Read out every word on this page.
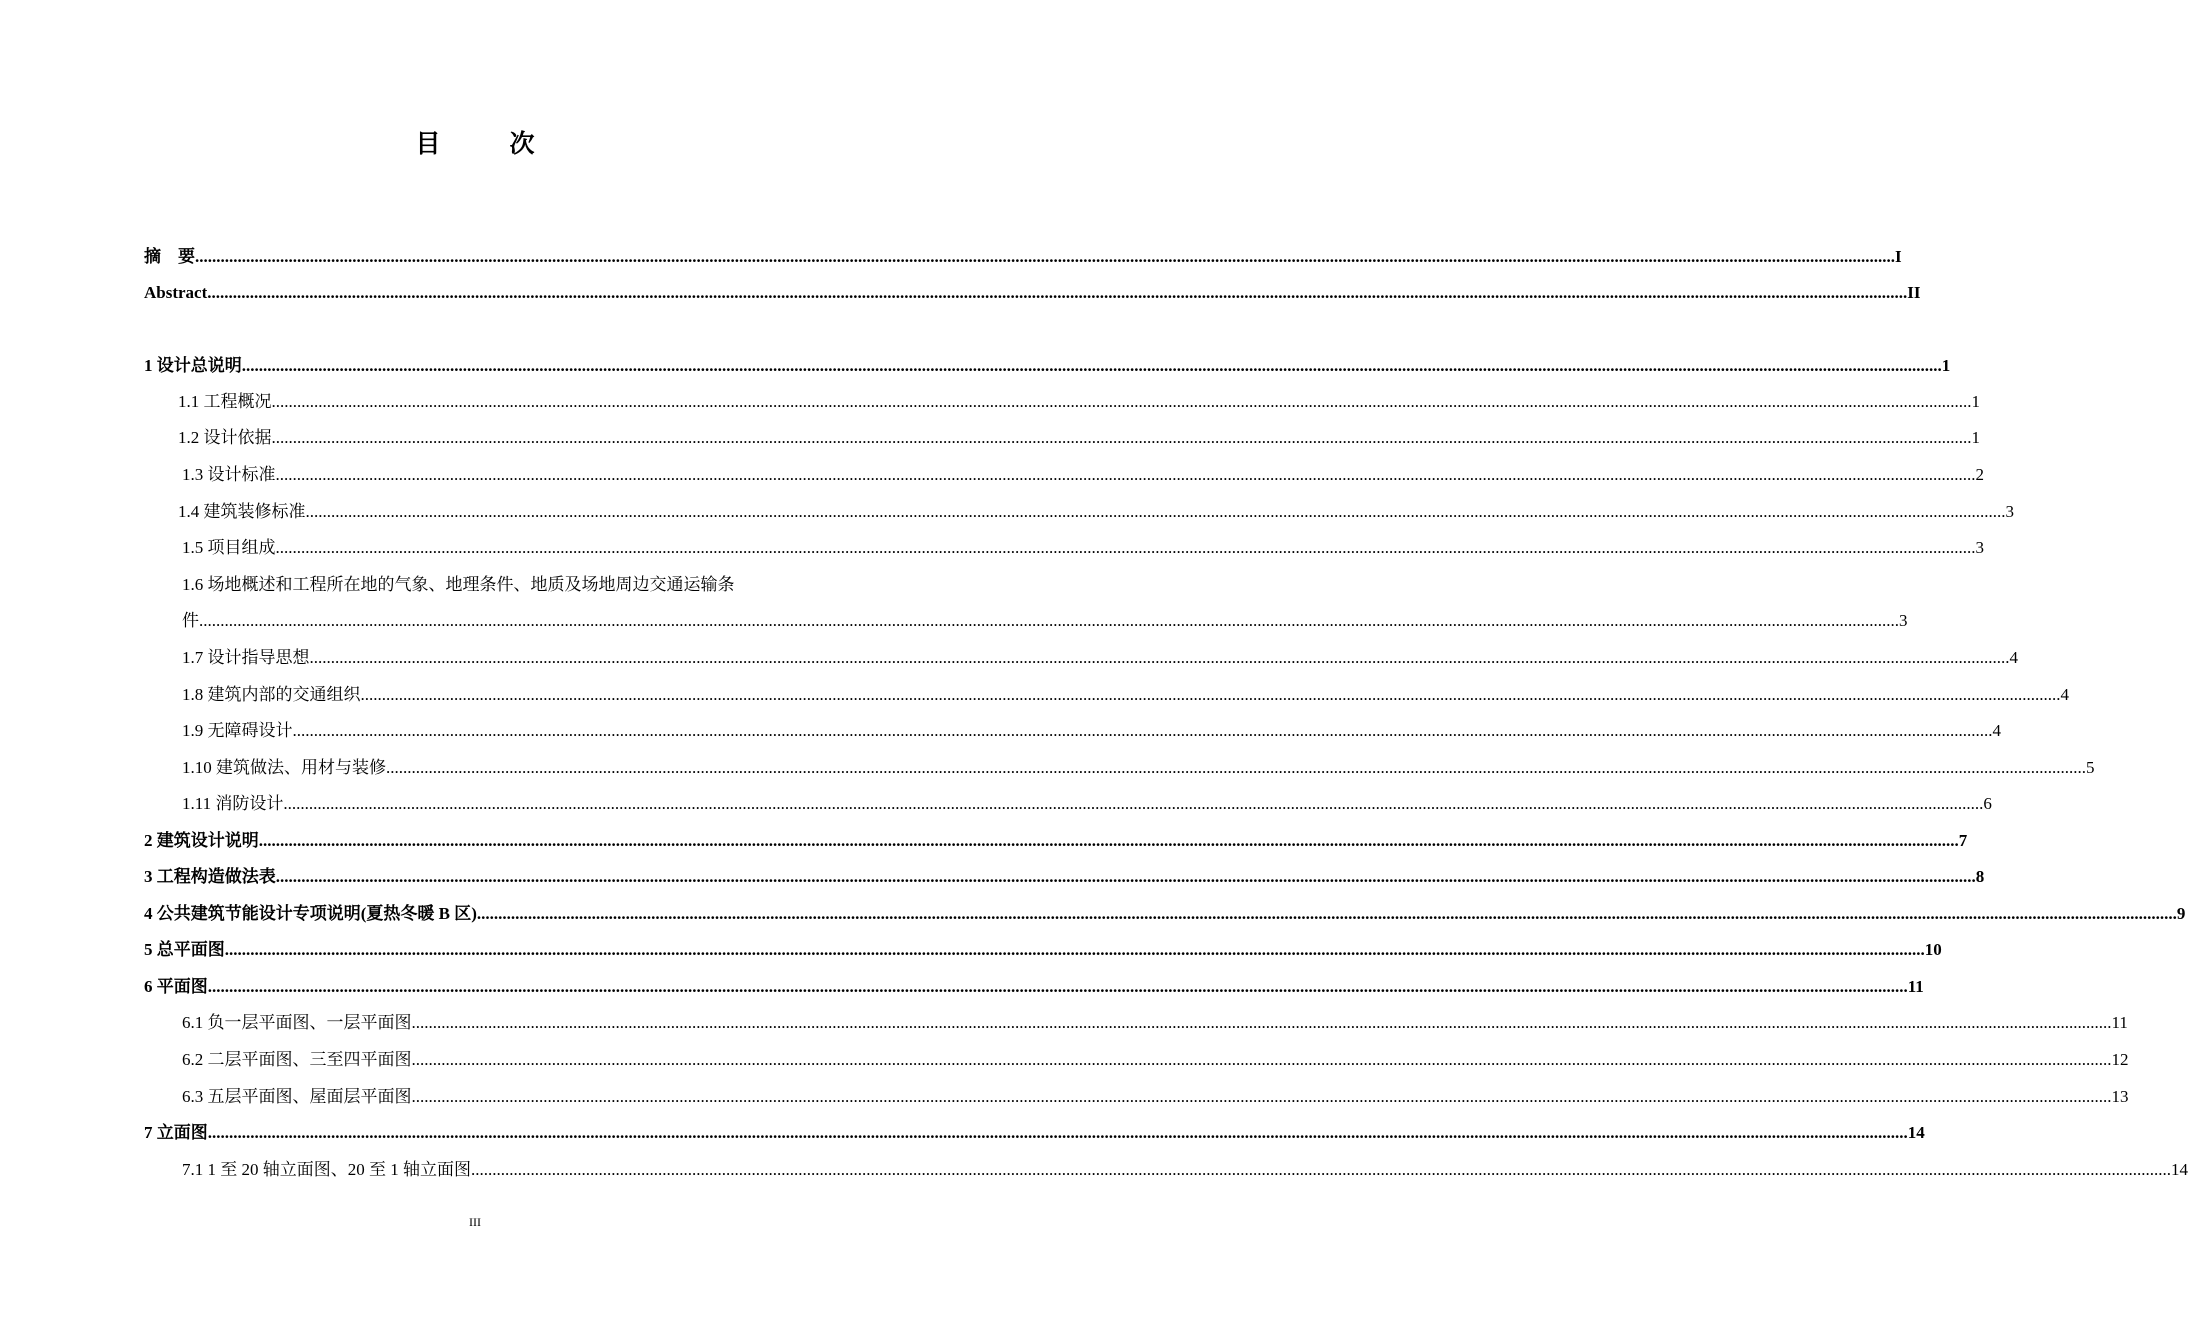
目　次
摘　要 ................................................................................................................................................................................................................................................................................................................................................................................................................ I
Abstract ................................................................................................................................................................................................................................................................................................................................................................................................................ II
1 设计总说明 ................................................................................................................................................................................................................................................................................................................................................................................................................ 1
1.1 工程概况 ................................................................................................................................................................................................................................................................................................................................................................................................................ 1
1.2 设计依据 ................................................................................................................................................................................................................................................................................................................................................................................................................ 1
1.3 设计标准 ................................................................................................................................................................................................................................................................................................................................................................................................................ 2
1.4 建筑装修标准 ................................................................................................................................................................................................................................................................................................................................................................................................................ 3
1.5 项目组成 ................................................................................................................................................................................................................................................................................................................................................................................................................ 3
1.6 场地概述和工程所在地的气象、地理条件、地质及场地周边交通运输条
件 ................................................................................................................................................................................................................................................................................................................................................................................................................ 3
1.7 设计指导思想 ................................................................................................................................................................................................................................................................................................................................................................................................................ 4
1.8 建筑内部的交通组织 ................................................................................................................................................................................................................................................................................................................................................................................................................ 4
1.9 无障碍设计 ................................................................................................................................................................................................................................................................................................................................................................................................................ 4
1.10 建筑做法、用材与装修 ................................................................................................................................................................................................................................................................................................................................................................................................................ 5
1.11 消防设计 ................................................................................................................................................................................................................................................................................................................................................................................................................ 6
2 建筑设计说明 ................................................................................................................................................................................................................................................................................................................................................................................................................ 7
3 工程构造做法表 ................................................................................................................................................................................................................................................................................................................................................................................................................ 8
4 公共建筑节能设计专项说明(夏热冬暖 B 区) ................................................................................................................................................................................................................................................................................................................................................................................................................ 9
5 总平面图 ................................................................................................................................................................................................................................................................................................................................................................................................................ 10
6 平面图 ................................................................................................................................................................................................................................................................................................................................................................................................................ 11
6.1 负一层平面图、一层平面图 ................................................................................................................................................................................................................................................................................................................................................................................................................ 11
6.2 二层平面图、三至四平面图 ................................................................................................................................................................................................................................................................................................................................................................................................................ 12
6.3 五层平面图、屋面层平面图 ................................................................................................................................................................................................................................................................................................................................................................................................................ 13
7 立面图 ................................................................................................................................................................................................................................................................................................................................................................................................................ 14
7.1 1 至 20 轴立面图、20 至 1 轴立面图 ................................................................................................................................................................................................................................................................................................................................................................................................................ 14
III
